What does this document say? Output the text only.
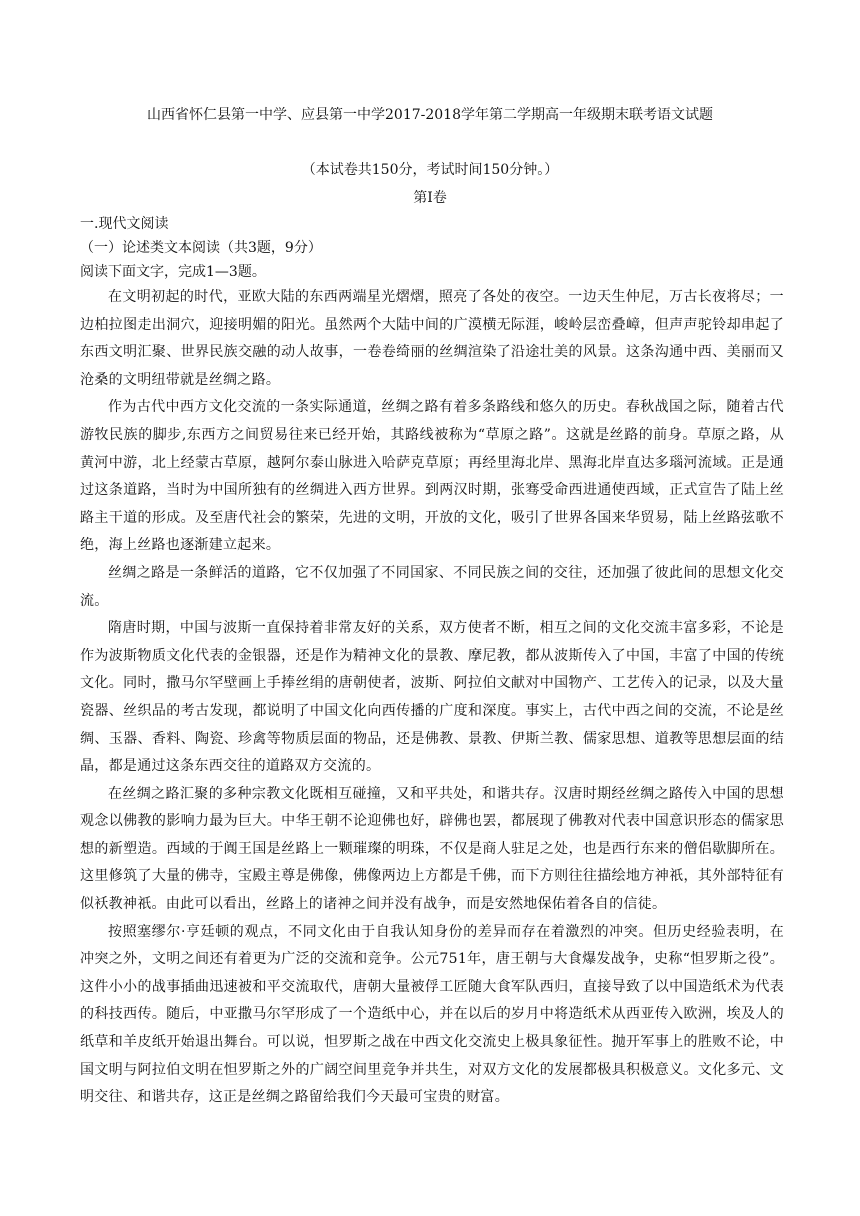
山西省怀仁县第一中学、应县第一中学2017-2018学年第二学期高一年级期末联考语文试题

（本试卷共150分，考试时间150分钟。）

第Ⅰ卷

一.现代文阅读

（一）论述类文本阅读（共3题，9分）

阅读下面文字，完成1—3题。

在文明初起的时代，亚欧大陆的东西两端星光熠熠，照亮了各处的夜空。一边天生仲尼，万古长夜将尽；一边柏拉图走出洞穴，迎接明媚的阳光。虽然两个大陆中间的广漠横无际涯，峻岭层峦叠嶂，但声声驼铃却串起了东西文明汇聚、世界民族交融的动人故事，一卷卷绮丽的丝绸渲染了沿途壮美的风景。这条沟通中西、美丽而又沧桑的文明纽带就是丝绸之路。

作为古代中西方文化交流的一条实际通道，丝绸之路有着多条路线和悠久的历史。春秋战国之际，随着古代游牧民族的脚步,东西方之间贸易往来已经开始，其路线被称为“草原之路”。这就是丝路的前身。草原之路，从黄河中游，北上经蒙古草原，越阿尔泰山脉进入哈萨克草原；再经里海北岸、黑海北岸直达多瑙河流域。正是通过这条道路，当时为中国所独有的丝绸进入西方世界。到两汉时期，张骞受命西进通使西域，正式宣告了陆上丝路主干道的形成。及至唐代社会的繁荣，先进的文明，开放的文化，吸引了世界各国来华贸易，陆上丝路弦歌不绝，海上丝路也逐渐建立起来。

丝绸之路是一条鲜活的道路，它不仅加强了不同国家、不同民族之间的交往，还加强了彼此间的思想文化交流。

隋唐时期，中国与波斯一直保持着非常友好的关系，双方使者不断，相互之间的文化交流丰富多彩，不论是作为波斯物质文化代表的金银器，还是作为精神文化的景教、摩尼教，都从波斯传入了中国，丰富了中国的传统文化。同时，撒马尔罕壁画上手捧丝绢的唐朝使者，波斯、阿拉伯文献对中国物产、工艺传入的记录，以及大量瓷器、丝织品的考古发现，都说明了中国文化向西传播的广度和深度。事实上，古代中西之间的交流，不论是丝绸、玉器、香料、陶瓷、珍禽等物质层面的物品，还是佛教、景教、伊斯兰教、儒家思想、道教等思想层面的结晶，都是通过这条东西交往的道路双方交流的。

在丝绸之路汇聚的多种宗教文化既相互碰撞，又和平共处，和谐共存。汉唐时期经丝绸之路传入中国的思想观念以佛教的影响力最为巨大。中华王朝不论迎佛也好，辟佛也罢，都展现了佛教对代表中国意识形态的儒家思想的新塑造。西域的于阗王国是丝路上一颗璀璨的明珠，不仅是商人驻足之处，也是西行东来的僧侣歇脚所在。这里修筑了大量的佛寺，宝殿主尊是佛像，佛像两边上方都是千佛，而下方则往往描绘地方神祇，其外部特征有似袄教神祇。由此可以看出，丝路上的诸神之间并没有战争，而是安然地保佑着各自的信徒。

按照塞缪尔·亨廷顿的观点，不同文化由于自我认知身份的差异而存在着激烈的冲突。但历史经验表明，在冲突之外，文明之间还有着更为广泛的交流和竞争。公元751年，唐王朝与大食爆发战争，史称“怛罗斯之役”。这件小小的战事插曲迅速被和平交流取代，唐朝大量被俘工匠随大食军队西归，直接导致了以中国造纸术为代表的科技西传。随后，中亚撒马尔罕形成了一个造纸中心，并在以后的岁月中将造纸术从西亚传入欧洲，埃及人的纸草和羊皮纸开始退出舞台。可以说，怛罗斯之战在中西文化交流史上极具象征性。抛开军事上的胜败不论，中国文明与阿拉伯文明在怛罗斯之外的广阔空间里竞争并共生，对双方文化的发展都极具积极意义。文化多元、文明交往、和谐共存，这正是丝绸之路留给我们今天最可宝贵的财富。
